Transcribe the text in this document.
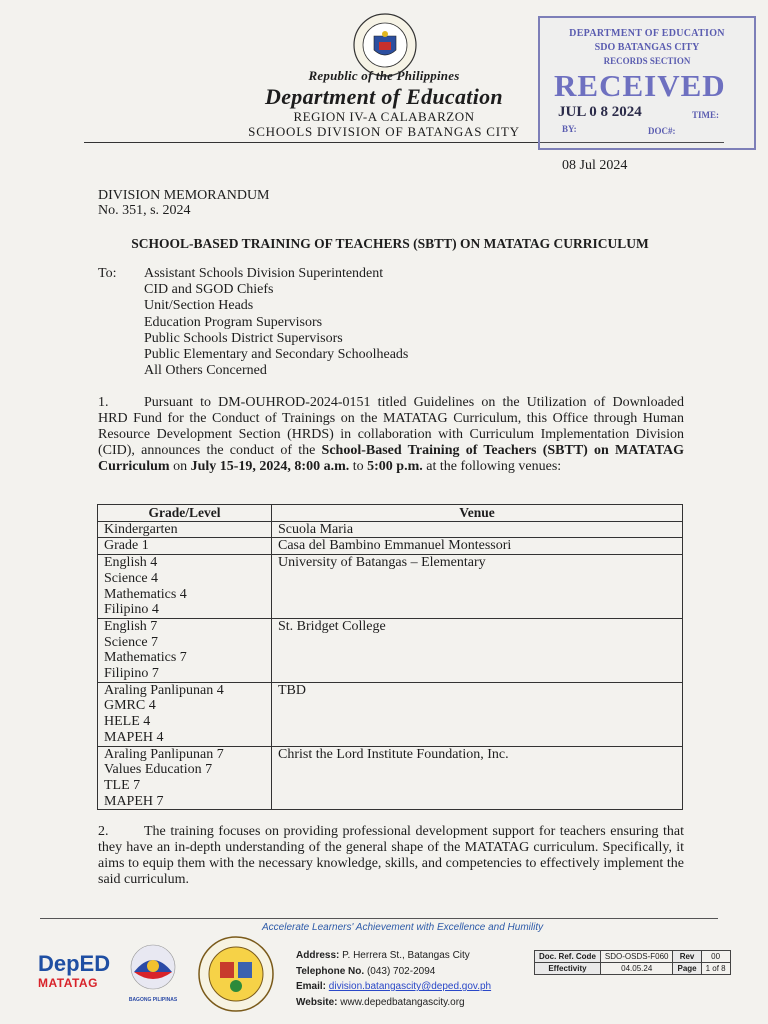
Republic of the Philippines
Department of Education
REGION IV-A CALABARZON
SCHOOLS DIVISION OF BATANGAS CITY
DEPARTMENT OF EDUCATION
SDO BATANGAS CITY
RECORDS SECTION
RECEIVED
JUL 0 8 2024	TIME:
BY:	DOC#:
08 Jul 2024
DIVISION MEMORANDUM
No. 351, s. 2024
SCHOOL-BASED TRAINING OF TEACHERS (SBTT) ON MATATAG CURRICULUM
To: Assistant Schools Division Superintendent
CID and SGOD Chiefs
Unit/Section Heads
Education Program Supervisors
Public Schools District Supervisors
Public Elementary and Secondary Schoolheads
All Others Concerned
1.	Pursuant to DM-OUHROD-2024-0151 titled Guidelines on the Utilization of Downloaded HRD Fund for the Conduct of Trainings on the MATATAG Curriculum, this Office through Human Resource Development Section (HRDS) in collaboration with Curriculum Implementation Division (CID), announces the conduct of the School-Based Training of Teachers (SBTT) on MATATAG Curriculum on July 15-19, 2024, 8:00 a.m. to 5:00 p.m. at the following venues:
Grade/Level	Venue

Kindergarten	Scuola Maria

Grade 1	Casa del Bambino Emmanuel Montessori

English 4
Science 4
Mathematics 4
Filipino 4	University of Batangas – Elementary

English 7
Science 7
Mathematics 7
Filipino 7	St. Bridget College

Araling Panlipunan 4
GMRC 4
HELE 4
MAPEH 4	TBD

Araling Panlipunan 7
Values Education 7
TLE 7
MAPEH 7	Christ the Lord Institute Foundation, Inc.
2.	The training focuses on providing professional development support for teachers ensuring that they have an in-depth understanding of the general shape of the MATATAG curriculum. Specifically, it aims to equip them with the necessary knowledge, skills, and competencies to effectively implement the said curriculum.
Accelerate Learners' Achievement with Excellence and Humility
DepED
MATATAG
BAGONG PILIPINAS
Address: P. Herrera St., Batangas City
Telephone No. (043) 702-2094
Email: division.batangascity@deped.gov.ph
Website: www.depedbatangascity.org
Doc. Ref. Code	SDO-OSDS-F060	Rev	00
Effectivity	04.05.24	Page	1 of 8
